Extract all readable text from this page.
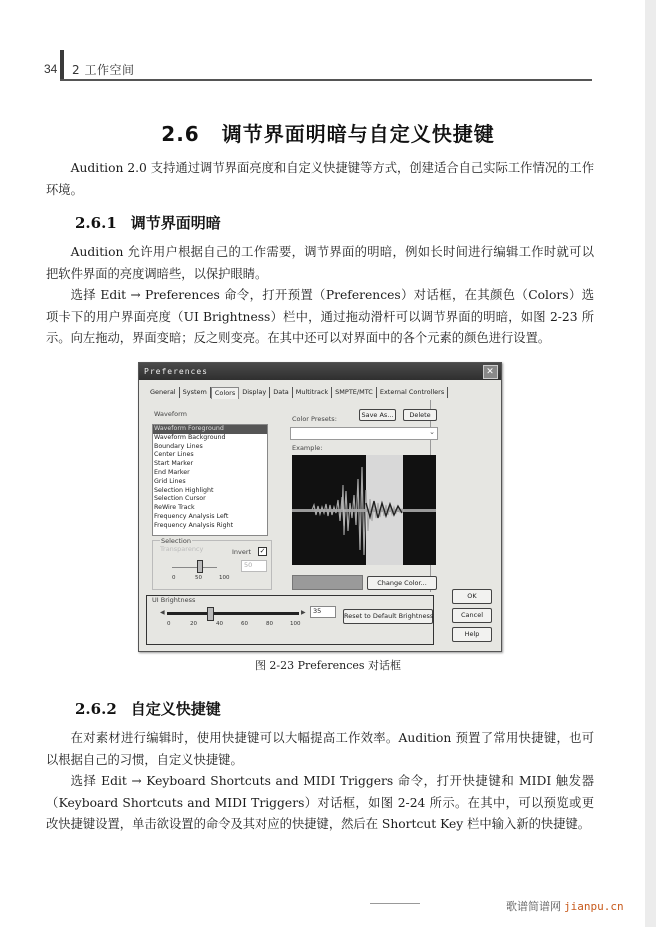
34 2 工作空间
2.6 调节界面明暗与自定义快捷键

Audition 2.0 支持通过调节界面亮度和自定义快捷键等方式，创建适合自己实际工作情况的工作环境。

2.6.1 调节界面明暗

Audition 允许用户根据自己的工作需要，调节界面的明暗，例如长时间进行编辑工作时就可以把软件界面的亮度调暗些，以保护眼睛。

选择 Edit → Preferences 命令，打开预置（Preferences）对话框，在其颜色（Colors）选项卡下的用户界面亮度（UI Brightness）栏中，通过拖动滑杆可以调节界面的明暗，如图 2-23 所示。向左拖动，界面变暗；反之则变亮。在其中还可以对界面中的各个元素的颜色进行设置。

Preferences	✕
General	System	Colors	Display	Data	Multitrack	SMPTE/MTC	External Controllers
Waveform
Waveform Foreground
Waveform Background
Boundary Lines
Center Lines
Start Marker
End Marker
Grid Lines
Selection Highlight
Selection Cursor
ReWire Track
Frequency Analysis Left
Frequency Analysis Right
Selection
Transparency	Invert ✓
0	50	100
50
Color Presets:	Save As...	Delete
⌄
Example:
Change Color...
UI Brightness
◀	▶
0	20	40	60	80	100
35
Reset to Default Brightness
OK
Cancel
Help
图 2-23 Preferences 对话框
2.6.2 自定义快捷键

在对素材进行编辑时，使用快捷键可以大幅提高工作效率。Audition 预置了常用快捷键，也可以根据自己的习惯，自定义快捷键。

选择 Edit → Keyboard Shortcuts and MIDI Triggers 命令，打开快捷键和 MIDI 触发器（Keyboard Shortcuts and MIDI Triggers）对话框，如图 2-24 所示。在其中，可以预览或更改快捷键设置，单击欲设置的命令及其对应的快捷键，然后在 Shortcut Key 栏中输入新的快捷键。

歌谱简谱网 jianpu.cn
